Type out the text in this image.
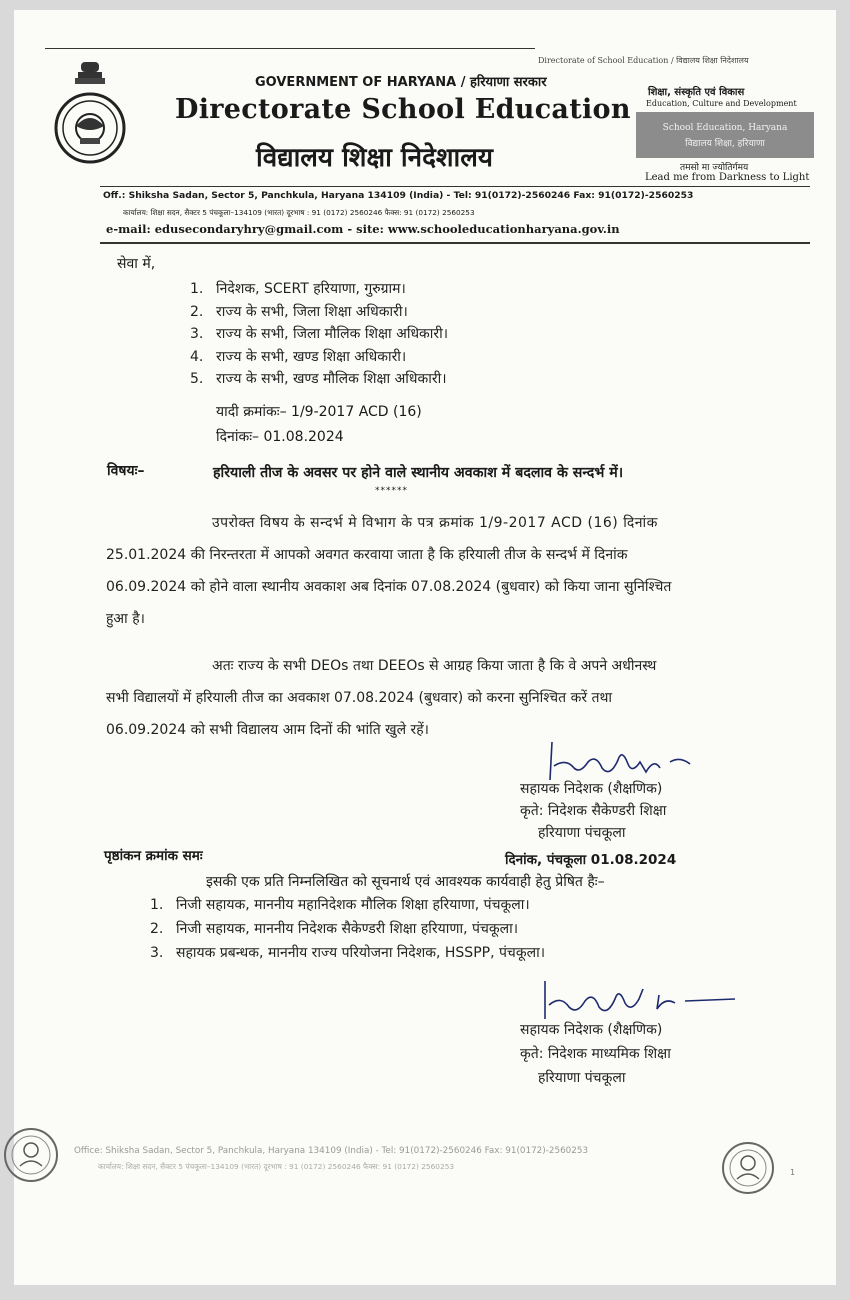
Directorate of School Education / विद्यालय शिक्षा निदेशालय
GOVERNMENT OF HARYANA / हरियाणा सरकार
Directorate School Education
विद्यालय शिक्षा निदेशालय
शिक्षा, संस्कृति एवं विकास
Education, Culture and Development
School Education, Haryana
विद्यालय शिक्षा, हरियाणा
तमसो मा ज्योतिर्गमय
Lead me from Darkness to Light
Off.: Shiksha Sadan, Sector 5, Panchkula, Haryana 134109 (India) - Tel: 91(0172)-2560246 Fax: 91(0172)-2560253
कार्यालय: शिक्षा सदन, सैक्टर 5 पंचकूला–134109 (भारत) दूरभाष : 91 (0172) 2560246 फैक्स: 91 (0172) 2560253
e-mail: edusecondaryhry@gmail.com - site: www.schooleducationharyana.gov.in
सेवा में,
1. निदेशक, SCERT हरियाणा, गुरुग्राम।
2. राज्य के सभी, जिला शिक्षा अधिकारी।
3. राज्य के सभी, जिला मौलिक शिक्षा अधिकारी।
4. राज्य के सभी, खण्ड शिक्षा अधिकारी।
5. राज्य के सभी, खण्ड मौलिक शिक्षा अधिकारी।
यादी क्रमांकः– 1/9-2017 ACD (16)
दिनांकः– 01.08.2024
विषयः–	हरियाली तीज के अवसर पर होने वाले स्थानीय अवकाश में बदलाव के सन्दर्भ में।
******
उपरोक्त विषय के सन्दर्भ मे विभाग के पत्र क्रमांक 1/9-2017 ACD (16) दिनांक
25.01.2024 की निरन्तरता में आपको अवगत करवाया जाता है कि हरियाली तीज के सन्दर्भ में दिनांक
06.09.2024 को होने वाला स्थानीय अवकाश अब दिनांक 07.08.2024 (बुधवार) को किया जाना सुनिश्चित
हुआ है।
अतः राज्य के सभी DEOs तथा DEEOs से आग्रह किया जाता है कि वे अपने अधीनस्थ
सभी विद्यालयों में हरियाली तीज का अवकाश 07.08.2024 (बुधवार) को करना सुनिश्चित करें तथा
06.09.2024 को सभी विद्यालय आम दिनों की भांति खुले रहें।
सहायक निदेशक (शैक्षणिक)
कृते: निदेशक सैकेण्डरी शिक्षा
हरियाणा पंचकूला
पृष्ठांकन क्रमांक समः	दिनांक, पंचकूला 01.08.2024
इसकी एक प्रति निम्नलिखित को सूचनार्थ एवं आवश्यक कार्यवाही हेतु प्रेषित हैः–
1. निजी सहायक, माननीय महानिदेशक मौलिक शिक्षा हरियाणा, पंचकूला।
2. निजी सहायक, माननीय निदेशक सैकेण्डरी शिक्षा हरियाणा, पंचकूला।
3. सहायक प्रबन्धक, माननीय राज्य परियोजना निदेशक, HSSPP, पंचकूला।
सहायक निदेशक (शैक्षणिक)
कृते: निदेशक माध्यमिक शिक्षा
हरियाणा पंचकूला
Office: Shiksha Sadan, Sector 5, Panchkula, Haryana 134109 (India) - Tel: 91(0172)-2560246 Fax: 91(0172)-2560253
कार्यालय: शिक्षा सदन, सैक्टर 5 पंचकूला–134109 (भारत) दूरभाष : 91 (0172) 2560246 फैक्स: 91 (0172) 2560253
1
